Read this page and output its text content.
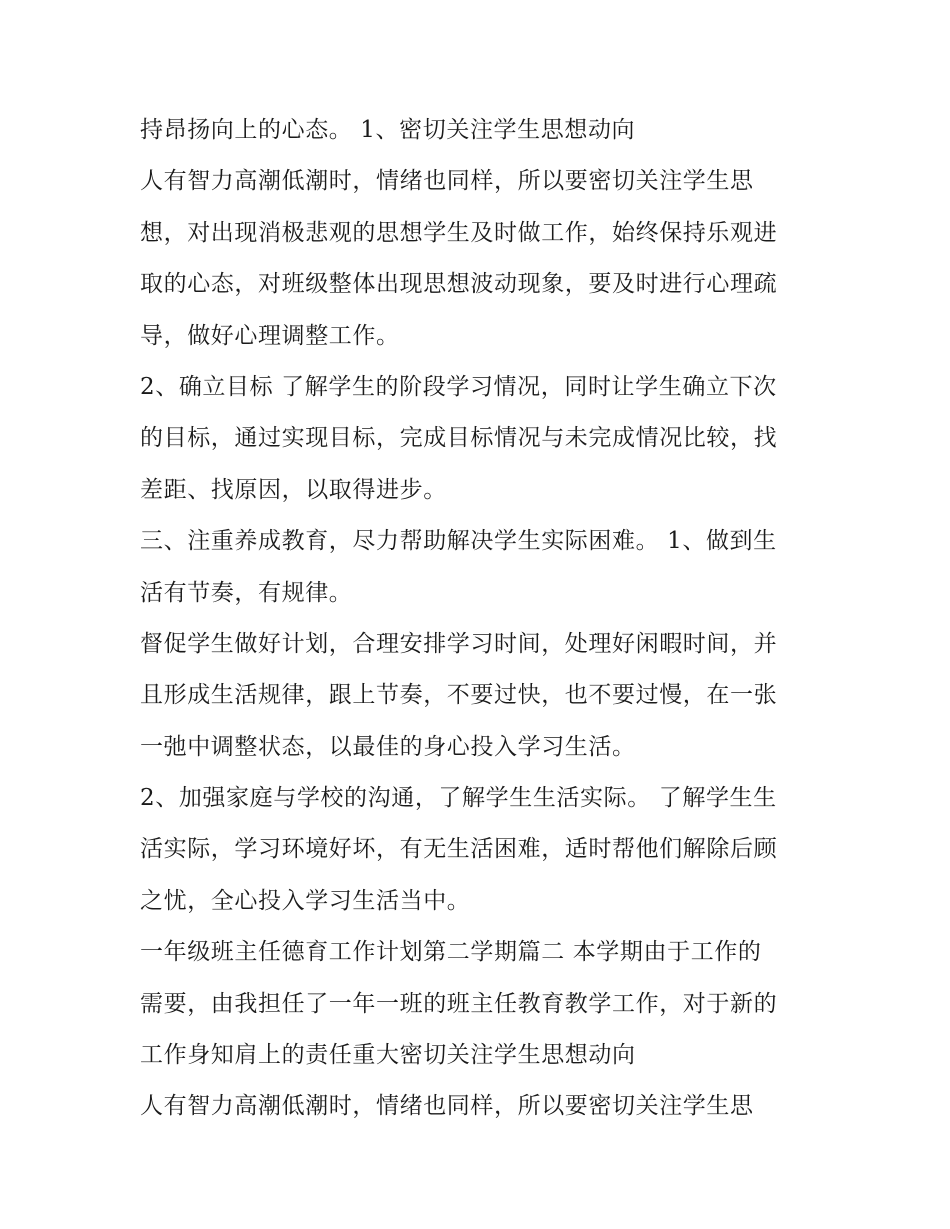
持昂扬向上的心态。 1、密切关注学生思想动向
人有智力高潮低潮时，情绪也同样，所以要密切关注学生思
想，对出现消极悲观的思想学生及时做工作，始终保持乐观进
取的心态，对班级整体出现思想波动现象，要及时进行心理疏
导，做好心理调整工作。
2、确立目标 了解学生的阶段学习情况，同时让学生确立下次
的目标，通过实现目标，完成目标情况与未完成情况比较，找
差距、找原因，以取得进步。
三、注重养成教育，尽力帮助解决学生实际困难。 1、做到生
活有节奏，有规律。
督促学生做好计划，合理安排学习时间，处理好闲暇时间，并
且形成生活规律，跟上节奏，不要过快，也不要过慢，在一张
一弛中调整状态，以最佳的身心投入学习生活。
2、加强家庭与学校的沟通，了解学生生活实际。 了解学生生
活实际，学习环境好坏，有无生活困难，适时帮他们解除后顾
之忧，全心投入学习生活当中。
一年级班主任德育工作计划第二学期篇二 本学期由于工作的
需要，由我担任了一年一班的班主任教育教学工作，对于新的
工作身知肩上的责任重大密切关注学生思想动向
人有智力高潮低潮时，情绪也同样，所以要密切关注学生思
